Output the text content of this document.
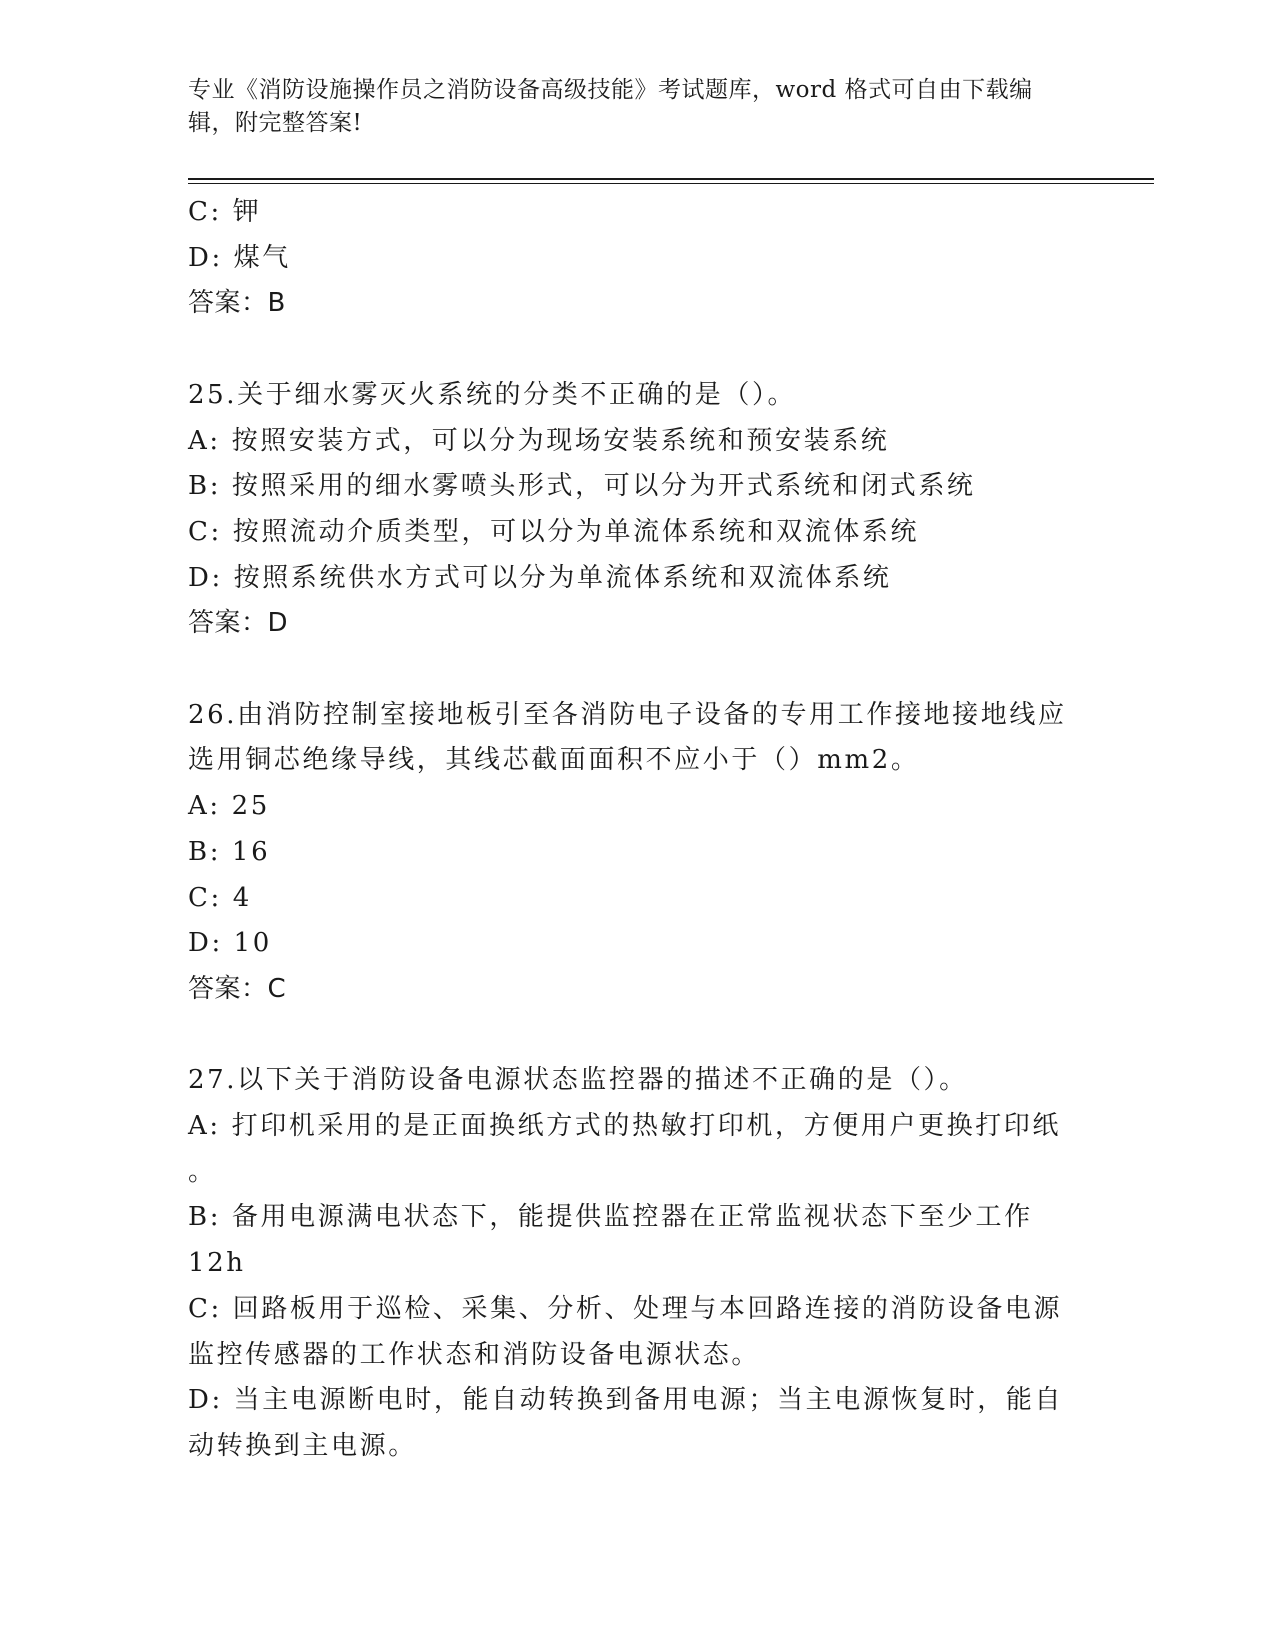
专业《消防设施操作员之消防设备高级技能》考试题库，word 格式可自由下载编
辑，附完整答案!

C: 钾

D: 煤气

答案：B

25.关于细水雾灭火系统的分类不正确的是（）。

A: 按照安装方式，可以分为现场安装系统和预安装系统

B: 按照采用的细水雾喷头形式，可以分为开式系统和闭式系统

C: 按照流动介质类型，可以分为单流体系统和双流体系统

D: 按照系统供水方式可以分为单流体系统和双流体系统

答案：D

26.由消防控制室接地板引至各消防电子设备的专用工作接地接地线应

选用铜芯绝缘导线，其线芯截面面积不应小于（）mm2。

A: 25

B: 16

C: 4

D: 10

答案：C

27.以下关于消防设备电源状态监控器的描述不正确的是（）。

A: 打印机采用的是正面换纸方式的热敏打印机，方便用户更换打印纸

。

B: 备用电源满电状态下，能提供监控器在正常监视状态下至少工作

12h

C: 回路板用于巡检、采集、分析、处理与本回路连接的消防设备电源

监控传感器的工作状态和消防设备电源状态。

D: 当主电源断电时，能自动转换到备用电源；当主电源恢复时，能自

动转换到主电源。
